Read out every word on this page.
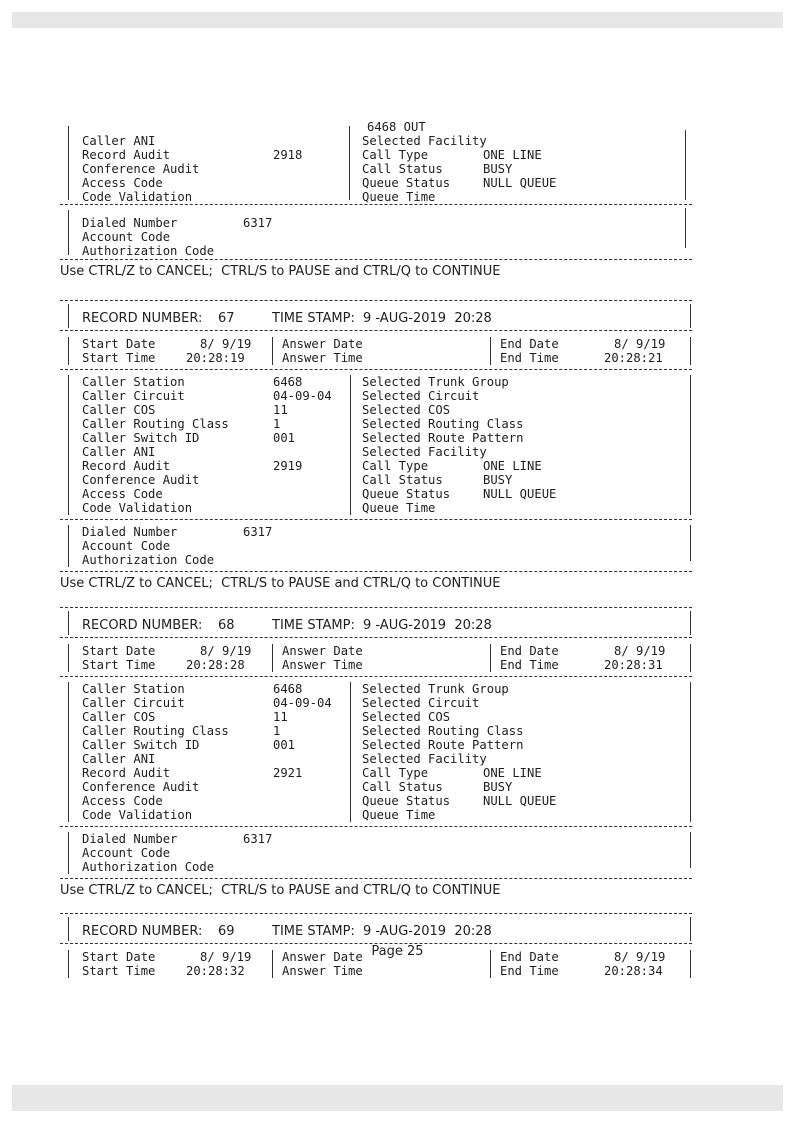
6468 OUT
Caller ANI
Record Audit	2918
Conference Audit
Access Code
Code Validation
Selected Facility
Call Type	ONE LINE
Call Status	BUSY
Queue Status	NULL QUEUE
Queue Time
Dialed Number	6317
Account Code
Authorization Code
Use CTRL/Z to CANCEL;  CTRL/S to PAUSE and CTRL/Q to CONTINUE
RECORD NUMBER: 67	TIME STAMP: 9 -AUG-2019  20:28
Start Date	8/ 9/19
Start Time	20:28:19
Answer Date
Answer Time
End Date	8/ 9/19
End Time	20:28:21
Caller Station	6468
Caller Circuit	04-09-04
Caller COS	11
Caller Routing Class	1
Caller Switch ID	001
Caller ANI
Record Audit	2919
Conference Audit
Access Code
Code Validation
Selected Trunk Group
Selected Circuit
Selected COS
Selected Routing Class
Selected Route Pattern
Selected Facility
Call Type	ONE LINE
Call Status	BUSY
Queue Status	NULL QUEUE
Queue Time
Dialed Number	6317
Account Code
Authorization Code
Use CTRL/Z to CANCEL;  CTRL/S to PAUSE and CTRL/Q to CONTINUE
RECORD NUMBER: 68	TIME STAMP: 9 -AUG-2019  20:28
Start Date	8/ 9/19
Start Time	20:28:28
Answer Date
Answer Time
End Date	8/ 9/19
End Time	20:28:31
Caller Station	6468
Caller Circuit	04-09-04
Caller COS	11
Caller Routing Class	1
Caller Switch ID	001
Caller ANI
Record Audit	2921
Conference Audit
Access Code
Code Validation
Selected Trunk Group
Selected Circuit
Selected COS
Selected Routing Class
Selected Route Pattern
Selected Facility
Call Type	ONE LINE
Call Status	BUSY
Queue Status	NULL QUEUE
Queue Time
Dialed Number	6317
Account Code
Authorization Code
Use CTRL/Z to CANCEL;  CTRL/S to PAUSE and CTRL/Q to CONTINUE
RECORD NUMBER: 69	TIME STAMP: 9 -AUG-2019  20:28
Start Date	8/ 9/19
Start Time	20:28:32
Answer Date
Answer Time
End Date	8/ 9/19
End Time	20:28:34
Page 25
